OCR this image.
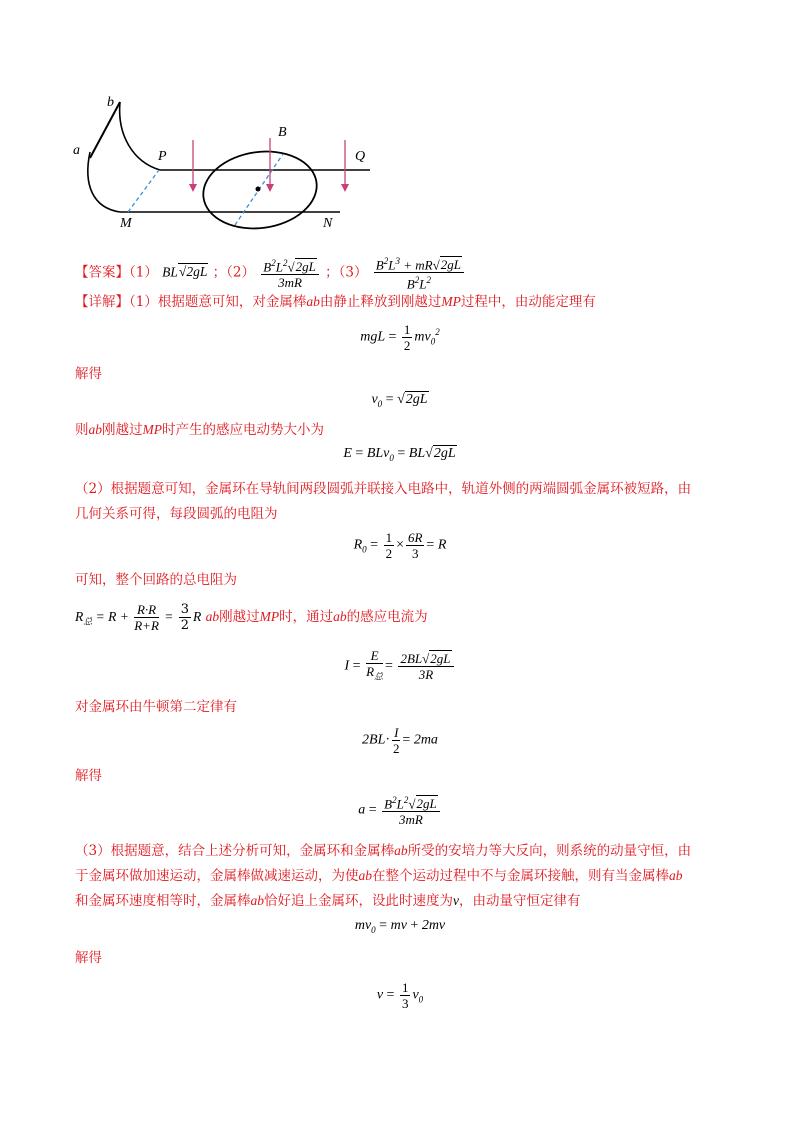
a
b
P	Q
M	N
B
【答案】（1） BL√2gL ；$(2) \frac{B^2L^2√2gL}{3mR}$ ；$(3) \frac{B^2L^3 + mR√2gL}{B^2L^2}$
【详解】（1）根据题意可知，对金属棒ab由静止释放到刚越过MP过程中，由动能定理有
mgL = $\frac{1}{2} mv_0^2$
解得
$v_0 = √2gL$
则ab刚越过MP时产生的感应电动势大小为
E = BLv$_0$ = BL√2gL
（2）根据题意可知，金属环在导轨间两段圆弧并联接入电路中，轨道外侧的两端圆弧金属环被短路，由
几何关系可得，每段圆弧的电阻为
$R_0 = \frac{1}{2} \times \frac{6R}{3} = R$
可知，整个回路的总电阻为
$R_总 = R + \frac{R\cdot R}{R+R} = \frac{3}{2}$ R ab刚越过MP时，通过ab的感应电流为
$I = \frac{E}{R_总} = \frac{2BL√2gL}{3R}$
对金属环由牛顿第二定律有
$2BL\cdot \frac{I}{2} = 2ma$
解得
$a = \frac{B^2L^2√2gL}{3mR}$
（3）根据题意，结合上述分析可知，金属环和金属棒ab所受的安培力等大反向，则系统的动量守恒，由
于金属环做加速运动，金属棒做减速运动，为使ab在整个运动过程中不与金属环接触，则有当金属棒ab
和金属环速度相等时，金属棒ab恰好追上金属环，设此时速度为v，由动量守恒定律有
$mv_0$ = mv + 2mv
解得
$v = \frac{1}{3} v_0$
